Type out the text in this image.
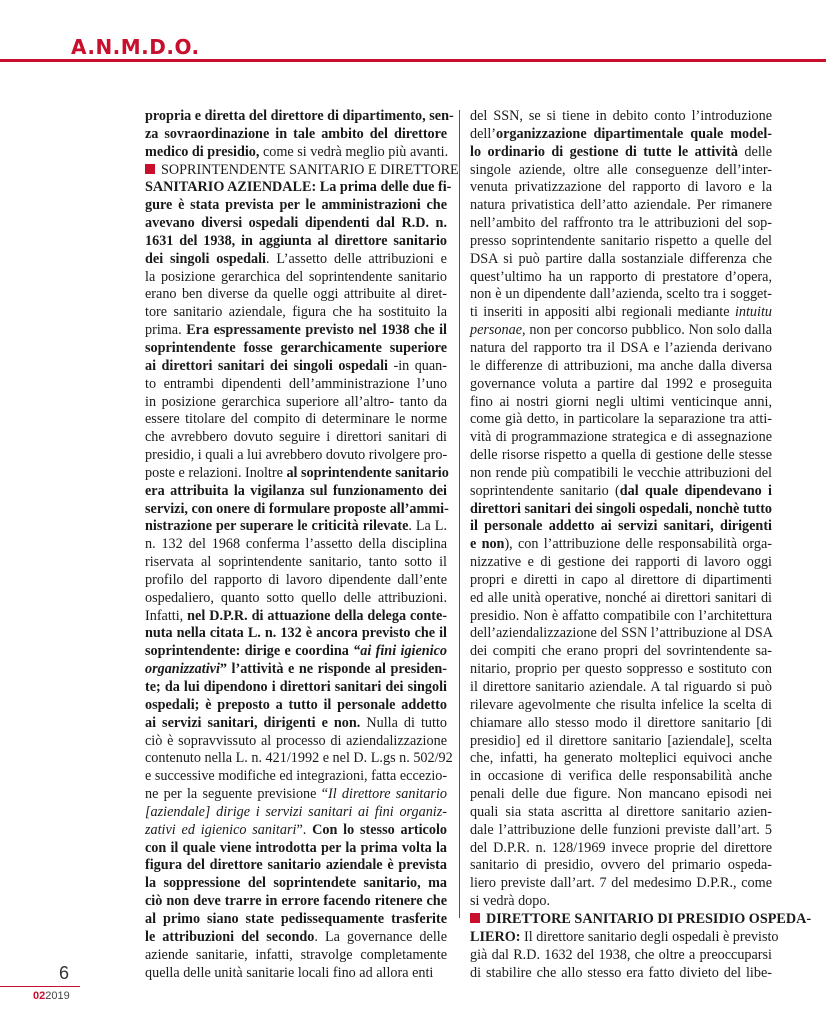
A.N.M.D.O.

propria e diretta del direttore di dipartimento, sen-

za sovraordinazione in tale ambito del direttore

medico di presidio, come si vedrà meglio più avanti.

SOPRINTENDENTE SANITARIO E DIRETTORE

SANITARIO AZIENDALE: La prima delle due fi-

gure è stata prevista per le amministrazioni che

avevano diversi ospedali dipendenti dal R.D. n.

1631 del 1938, in aggiunta al direttore sanitario

dei singoli ospedali. L’assetto delle attribuzioni e

la posizione gerarchica del soprintendente sanitario

erano ben diverse da quelle oggi attribuite al diret-

tore sanitario aziendale, figura che ha sostituito la

prima. Era espressamente previsto nel 1938 che il

soprintendente fosse gerarchicamente superiore

ai direttori sanitari dei singoli ospedali -in quan-

to entrambi dipendenti dell’amministrazione l’uno

in posizione gerarchica superiore all’altro- tanto da

essere titolare del compito di determinare le norme

che avrebbero dovuto seguire i direttori sanitari di

presidio, i quali a lui avrebbero dovuto rivolgere pro-

poste e relazioni. Inoltre al soprintendente sanitario

era attribuita la vigilanza sul funzionamento dei

servizi, con onere di formulare proposte all’ammi-

nistrazione per superare le criticità rilevate. La L.

n. 132 del 1968 conferma l’assetto della disciplina

riservata al soprintendente sanitario, tanto sotto il

profilo del rapporto di lavoro dipendente dall’ente

ospedaliero, quanto sotto quello delle attribuzioni.

Infatti, nel D.P.R. di attuazione della delega conte-

nuta nella citata L. n. 132 è ancora previsto che il

soprintendente: dirige e coordina “ai fini igienico

organizzativi” l’attività e ne risponde al presiden-

te; da lui dipendono i direttori sanitari dei singoli

ospedali; è preposto a tutto il personale addetto

ai servizi sanitari, dirigenti e non. Nulla di tutto

ciò è sopravvissuto al processo di aziendalizzazione

contenuto nella L. n. 421/1992 e nel D. L.gs n. 502/92

e successive modifiche ed integrazioni, fatta eccezio-

ne per la seguente previsione “Il direttore sanitario

[aziendale] dirige i servizi sanitari ai fini organiz-

zativi ed igienico sanitari”. Con lo stesso articolo

con il quale viene introdotta per la prima volta la

figura del direttore sanitario aziendale è prevista

la soppressione del soprintendete sanitario, ma

ciò non deve trarre in errore facendo ritenere che

al primo siano state pedissequamente trasferite

le attribuzioni del secondo. La governance delle

aziende sanitarie, infatti, stravolge completamente

quella delle unità sanitarie locali fino ad allora enti

del SSN, se si tiene in debito conto l’introduzione

dell’organizzazione dipartimentale quale model-

lo ordinario di gestione di tutte le attività delle

singole aziende, oltre alle conseguenze dell’inter-

venuta privatizzazione del rapporto di lavoro e la

natura privatistica dell’atto aziendale. Per rimanere

nell’ambito del raffronto tra le attribuzioni del sop-

presso soprintendente sanitario rispetto a quelle del

DSA si può partire dalla sostanziale differenza che

quest’ultimo ha un rapporto di prestatore d’opera,

non è un dipendente dall’azienda, scelto tra i sogget-

ti inseriti in appositi albi regionali mediante intuitu

personae, non per concorso pubblico. Non solo dalla

natura del rapporto tra il DSA e l’azienda derivano

le differenze di attribuzioni, ma anche dalla diversa

governance voluta a partire dal 1992 e proseguita

fino ai nostri giorni negli ultimi venticinque anni,

come già detto, in particolare la separazione tra atti-

vità di programmazione strategica e di assegnazione

delle risorse rispetto a quella di gestione delle stesse

non rende più compatibili le vecchie attribuzioni del

soprintendente sanitario (dal quale dipendevano i

direttori sanitari dei singoli ospedali, nonchè tutto

il personale addetto ai servizi sanitari, dirigenti

e non), con l’attribuzione delle responsabilità orga-

nizzative e di gestione dei rapporti di lavoro oggi

propri e diretti in capo al direttore di dipartimenti

ed alle unità operative, nonché ai direttori sanitari di

presidio. Non è affatto compatibile con l’architettura

dell’aziendalizzazione del SSN l’attribuzione al DSA

dei compiti che erano propri del sovrintendente sa-

nitario, proprio per questo soppresso e sostituto con

il direttore sanitario aziendale. A tal riguardo si può

rilevare agevolmente che risulta infelice la scelta di

chiamare allo stesso modo il direttore sanitario [di

presidio] ed il direttore sanitario [aziendale], scelta

che, infatti, ha generato molteplici equivoci anche

in occasione di verifica delle responsabilità anche

penali delle due figure. Non mancano episodi nei

quali sia stata ascritta al direttore sanitario azien-

dale l’attribuzione delle funzioni previste dall’art. 5

del D.P.R. n. 128/1969 invece proprie del direttore

sanitario di presidio, ovvero del primario ospeda-

liero previste dall’art. 7 del medesimo D.P.R., come

si vedrà dopo.

DIRETTORE SANITARIO DI PRESIDIO OSPEDA-

LIERO: Il direttore sanitario degli ospedali è previsto

già dal R.D. 1632 del 1938, che oltre a preoccuparsi

di stabilire che allo stesso era fatto divieto del libe-

6
022019
